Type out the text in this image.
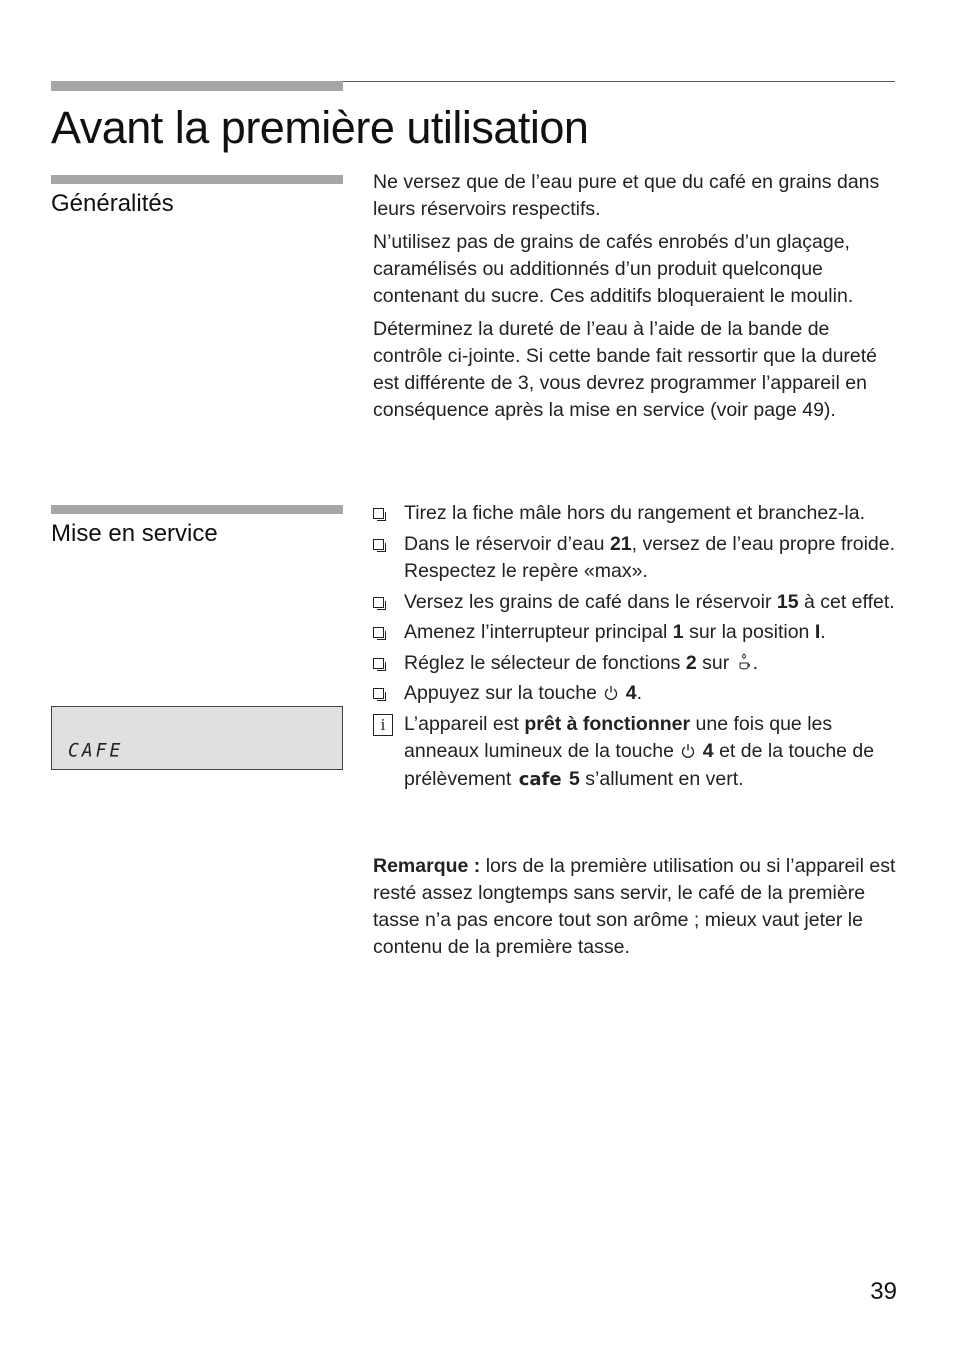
Avant la première utilisation
Généralités

Ne versez que de l’eau pure et que du café en grains dans leurs réservoirs respectifs.

N’utilisez pas de grains de cafés enrobés d’un glaçage, caramélisés ou additionnés d’un produit quelconque contenant du sucre. Ces additifs bloqueraient le moulin.

Déterminez la dureté de l’eau à l’aide de la bande de contrôle ci-jointe. Si cette bande fait ressortir que la dureté est différente de 3, vous devrez programmer l’appareil en conséquence après la mise en service (voir page 49).

Mise en service
CAFE
Tirez la fiche mâle hors du rangement et branchez-la.
Dans le réservoir d’eau 21, versez de l’eau propre froide. Respectez le repère «max».
Versez les grains de café dans le réservoir 15 à cet effet.
Amenez l’interrupteur principal 1 sur la position I.
Réglez le sélecteur de fonctions 2 sur .
Appuyez sur la touche  4.
i L’appareil est prêt à fonctionner une fois que les anneaux lumineux de la touche  4 et de la touche de prélèvement cafe 5 s’allument en vert.

Remarque : lors de la première utilisation ou si l’appareil est resté assez longtemps sans servir, le café de la première tasse n’a pas encore tout son arôme ; mieux vaut jeter le contenu de la première tasse.

39
